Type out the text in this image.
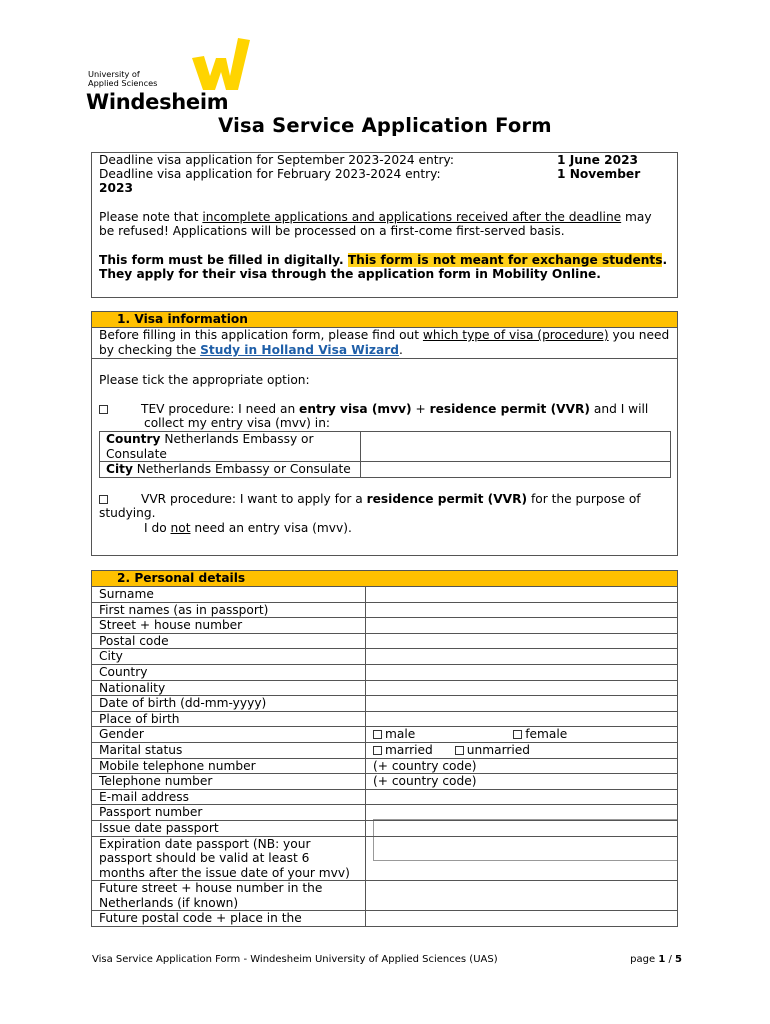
University of
Applied Sciences
Windesheim
Visa Service Application Form
Deadline visa application for September 2023-2024 entry:	1 June 2023
Deadline visa application for February 2023-2024 entry:	1 November

2023

Please note that incomplete applications and applications received after the deadline may be refused! Applications will be processed on a first-come first-served basis.

This form must be filled in digitally. This form is not meant for exchange students. They apply for their visa through the application form in Mobility Online.

1. Visa information

Before filling in this application form, please find out which type of visa (procedure) you need by checking the Study in Holland Visa Wizard.

Please tick the appropriate option:

TEV procedure: I need an entry visa (mvv) + residence permit (VVR) and I will collect my entry visa (mvv) in:

Country Netherlands Embassy or Consulate	
City Netherlands Embassy or Consulate	

VVR procedure: I want to apply for a residence permit (VVR) for the purpose of studying.

I do not need an entry visa (mvv).

2. Personal details
Surname	
First names (as in passport)	
Street + house number	
Postal code	
City	
Country	
Nationality	
Date of birth (dd-mm-yyyy)	
Place of birth	
Gender	male female
Marital status	married unmarried
Mobile telephone number	(+ country code)
Telephone number	(+ country code)
E-mail address	
Passport number	
Issue date passport	
Expiration date passport (NB: your passport should be valid at least 6 months after the issue date of your mvv)	

Future street + house number in the Netherlands (if known)	
Future postal code + place in the	
Visa Service Application Form - Windesheim University of Applied Sciences (UAS)	page 1 / 5
